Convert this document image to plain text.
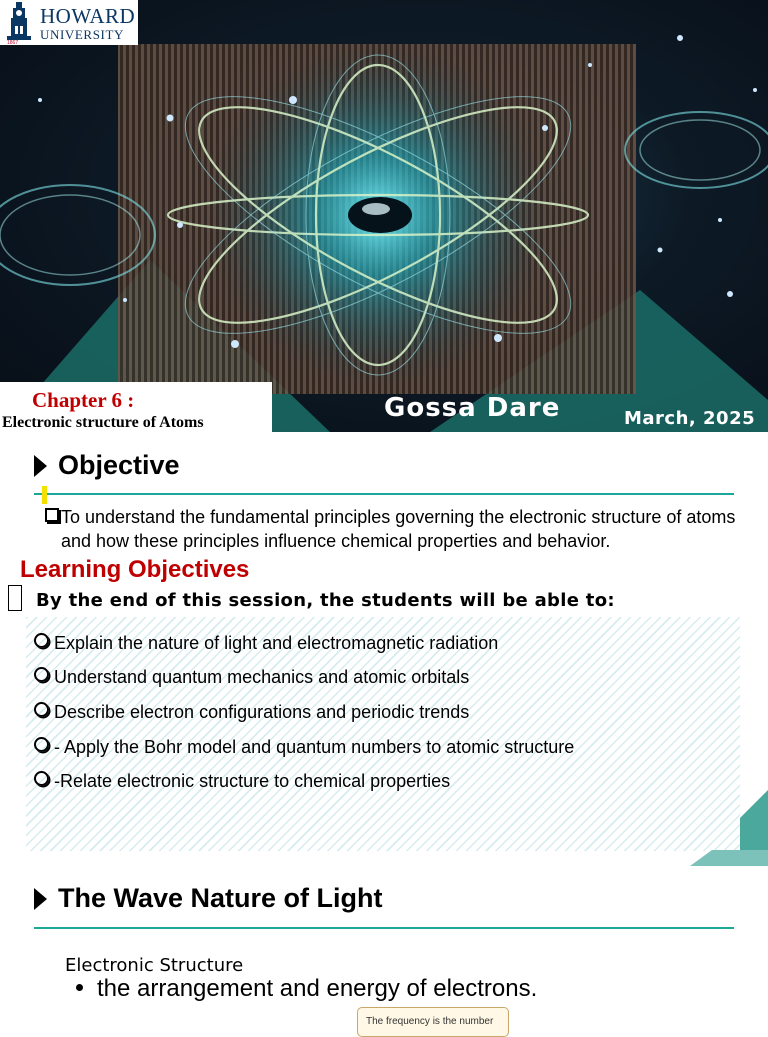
1867
HOWARD
UNIVERSITY
Chapter 6 :
Electronic structure of Atoms	Gossa Dare	March, 2025
Objective
To understand the fundamental principles governing the electronic structure of atoms and how these principles influence chemical properties and behavior.
Learning Objectives
By the end of this session, the students will be able to:
Explain the nature of light and electromagnetic radiation
Understand quantum mechanics and atomic orbitals
Describe electron configurations and periodic trends
- Apply the Bohr model and quantum numbers to atomic structure
-Relate electronic structure to chemical properties
The Wave Nature of Light
Electronic Structure
the arrangement and energy of electrons.
The frequency is the number
